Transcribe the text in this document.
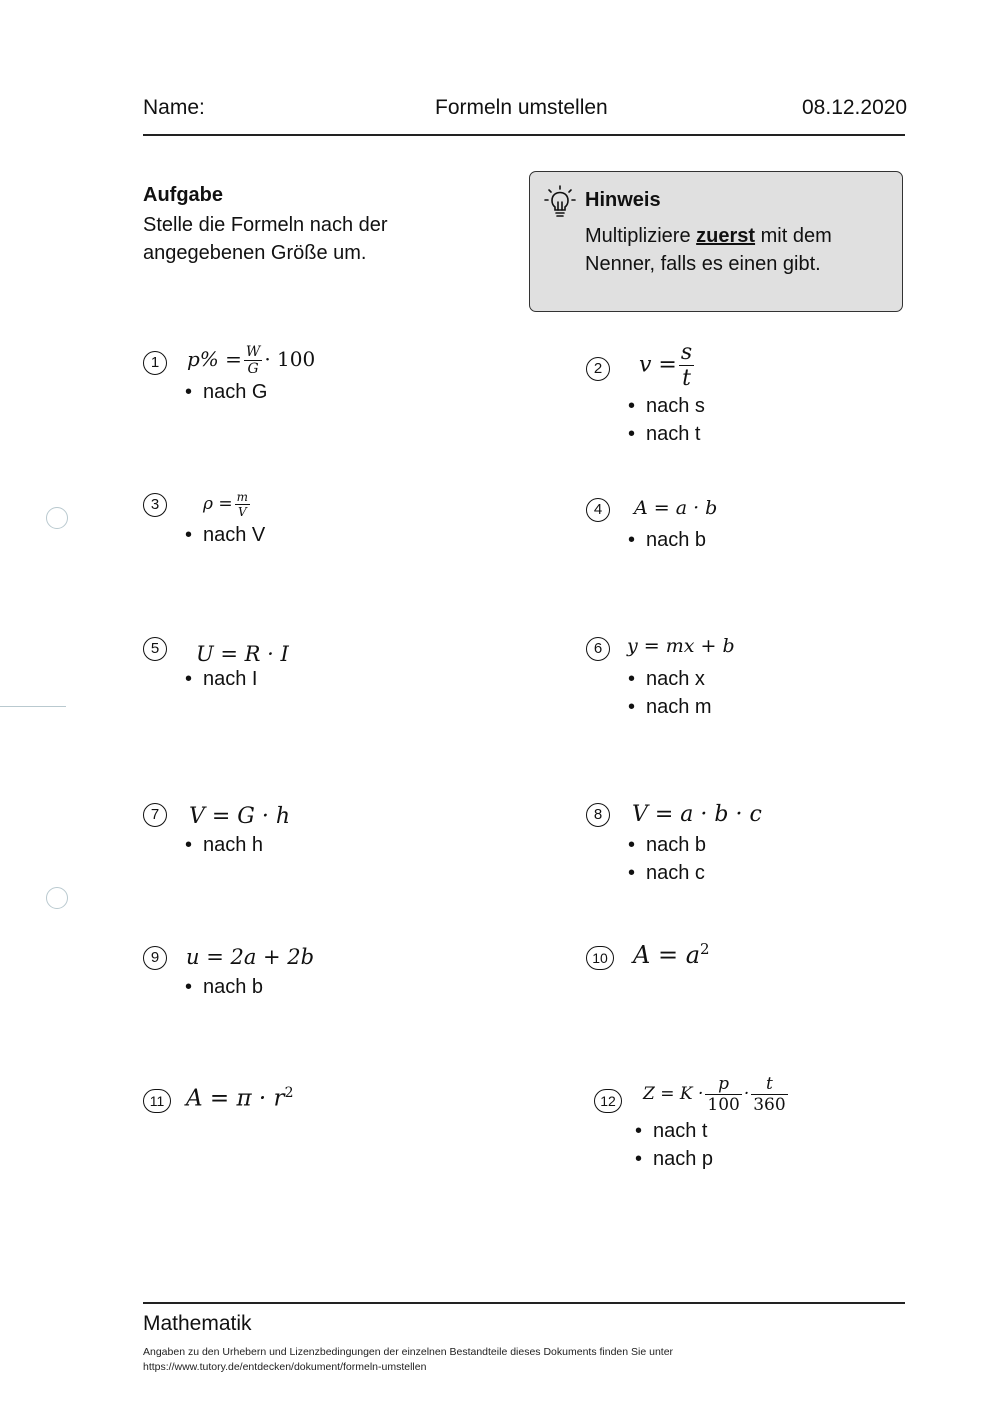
Name:	Formeln umstellen	08.12.2020
Aufgabe
Stelle die Formeln nach der angegebenen Größe um.
Hinweis
Multipliziere zuerst mit dem Nenner, falls es einen gibt.
1	$p\% = \frac{W}{G} \cdot 100$
• nach G
2	$v = \frac{s}{t}$
• nach s
• nach t
3	$\rho = \frac{m}{V}$
• nach V
4	A = a · b
• nach b
5	U = R · I
• nach I
6	y = mx + b
• nach x
• nach m
7	V = G · h
• nach h
8	V = a · b · c
• nach b
• nach c
9	u = 2a + 2b
• nach b
10 $A = a^2$
11 $A = \pi \cdot r^2$	12	$Z = K \cdot \frac{p}{100} \cdot \frac{t}{360}$
• nach t
• nach p
Mathematik
Angaben zu den Urhebern und Lizenzbedingungen der einzelnen Bestandteile dieses Dokuments finden Sie unter
https://www.tutory.de/entdecken/dokument/formeln-umstellen
